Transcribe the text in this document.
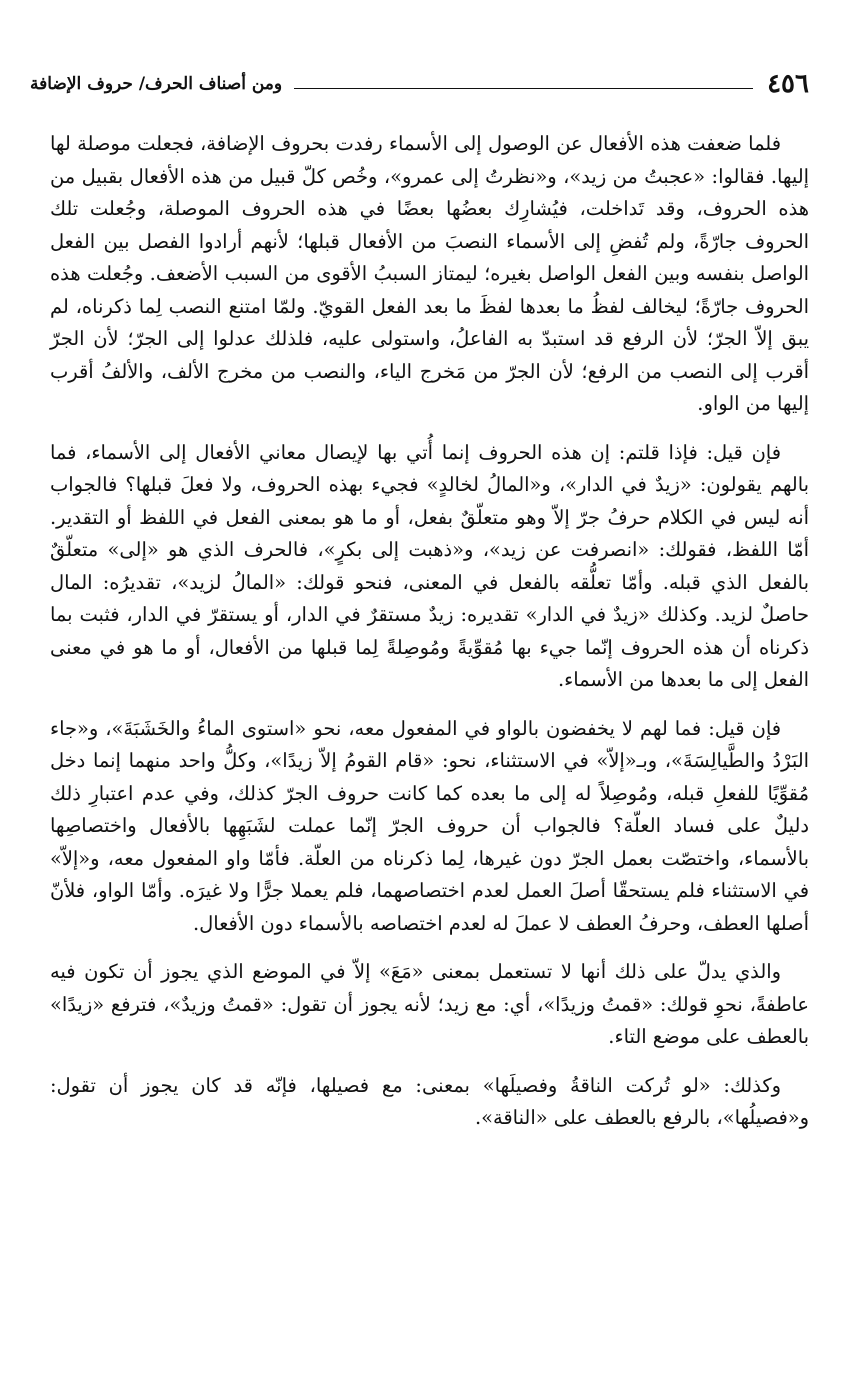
٤٥٦
ومن أصناف الحرف/ حروف الإضافة

فلما ضعفت هذه الأفعال عن الوصول إلى الأسماء رفدت بحروف الإضافة، فجعلت موصلة لها إليها. فقالوا: «عجبتُ من زيد»، و«نظرتُ إلى عمرو»، وخُص كلّ قبيل من هذه الأفعال بقبيل من هذه الحروف، وقد تَداخلت، فيُشارِك بعضُها بعضًا في هذه الحروف الموصلة، وجُعلت تلك الحروف جارّةً، ولم تُفضِ إلى الأسماء النصبَ من الأفعال قبلها؛ لأنهم أرادوا الفصل بين الفعل الواصل بنفسه وبين الفعل الواصل بغيره؛ ليمتاز السببُ الأقوى من السبب الأضعف. وجُعلت هذه الحروف جارّةً؛ ليخالف لفظُ ما بعدها لفظَ ما بعد الفعل القويّ. ولمّا امتنع النصب لِما ذكرناه، لم يبق إلاّ الجرّ؛ لأن الرفع قد استبدّ به الفاعلُ، واستولى عليه، فلذلك عدلوا إلى الجرّ؛ لأن الجرّ أقرب إلى النصب من الرفع؛ لأن الجرّ من مَخرج الياء، والنصب من مخرج الألف، والألفُ أقرب إليها من الواو.

فإن قيل: فإذا قلتم: إن هذه الحروف إنما أُتي بها لإيصال معاني الأفعال إلى الأسماء، فما بالهم يقولون: «زيدٌ في الدار»، و«المالُ لخالدٍ» فجيء بهذه الحروف، ولا فعلَ قبلها؟ فالجواب أنه ليس في الكلام حرفُ جرّ إلاّ وهو متعلّقٌ بفعل، أو ما هو بمعنى الفعل في اللفظ أو التقدير. أمّا اللفظ، فقولك: «انصرفت عن زيد»، و«ذهبت إلى بكرٍ»، فالحرف الذي هو «إلى» متعلّقٌ بالفعل الذي قبله. وأمّا تعلُّقه بالفعل في المعنى، فنحو قولك: «المالُ لزيد»، تقديرُه: المال حاصلٌ لزيد. وكذلك «زيدٌ في الدار» تقديره: زيدٌ مستقرٌ في الدار، أو يستقرّ في الدار، فثبت بما ذكرناه أن هذه الحروف إنّما جيء بها مُقوِّيةً ومُوصِلةً لِما قبلها من الأفعال، أو ما هو في معنى الفعل إلى ما بعدها من الأسماء.

فإن قيل: فما لهم لا يخفضون بالواو في المفعول معه، نحو «استوى الماءُ والخَشَبَةَ»، و«جاء البَرْدُ والطَّيالِسَةَ»، وبـ«إلاّ» في الاستثناء، نحو: «قام القومُ إلاّ زيدًا»، وكلُّ واحد منهما إنما دخل مُقوِّيًا للفعلِ قبله، ومُوصِلاً له إلى ما بعده كما كانت حروف الجرّ كذلك، وفي عدم اعتبارِ ذلك دليلٌ على فساد العلّة؟ فالجواب أن حروف الجرّ إنّما عملت لشَبَهِها بالأفعال واختصاصِها بالأسماء، واختصّت بعمل الجرّ دون غيرها، لِما ذكرناه من العلّة. فأمّا واو المفعول معه، و«إلاّ» في الاستثناء فلم يستحقّا أصلَ العمل لعدم اختصاصهما، فلم يعملا جرًّا ولا غيرَه. وأمّا الواو، فلأنّ أصلها العطف، وحرفُ العطف لا عملَ له لعدم اختصاصه بالأسماء دون الأفعال.

والذي يدلّ على ذلك أنها لا تستعمل بمعنى «مَعَ» إلاّ في الموضع الذي يجوز أن تكون فيه عاطفةً، نحوِ قولك: «قمتُ وزيدًا»، أي: مع زيد؛ لأنه يجوز أن تقول: «قمتُ وزيدٌ»، فترفع «زيدًا» بالعطف على موضع التاء.

وكذلك: «لو تُركت الناقةُ وفصيلَها» بمعنى: مع فصيلها، فإنّه قد كان يجوز أن تقول: و«فصيلُها»، بالرفع بالعطف على «الناقة».
